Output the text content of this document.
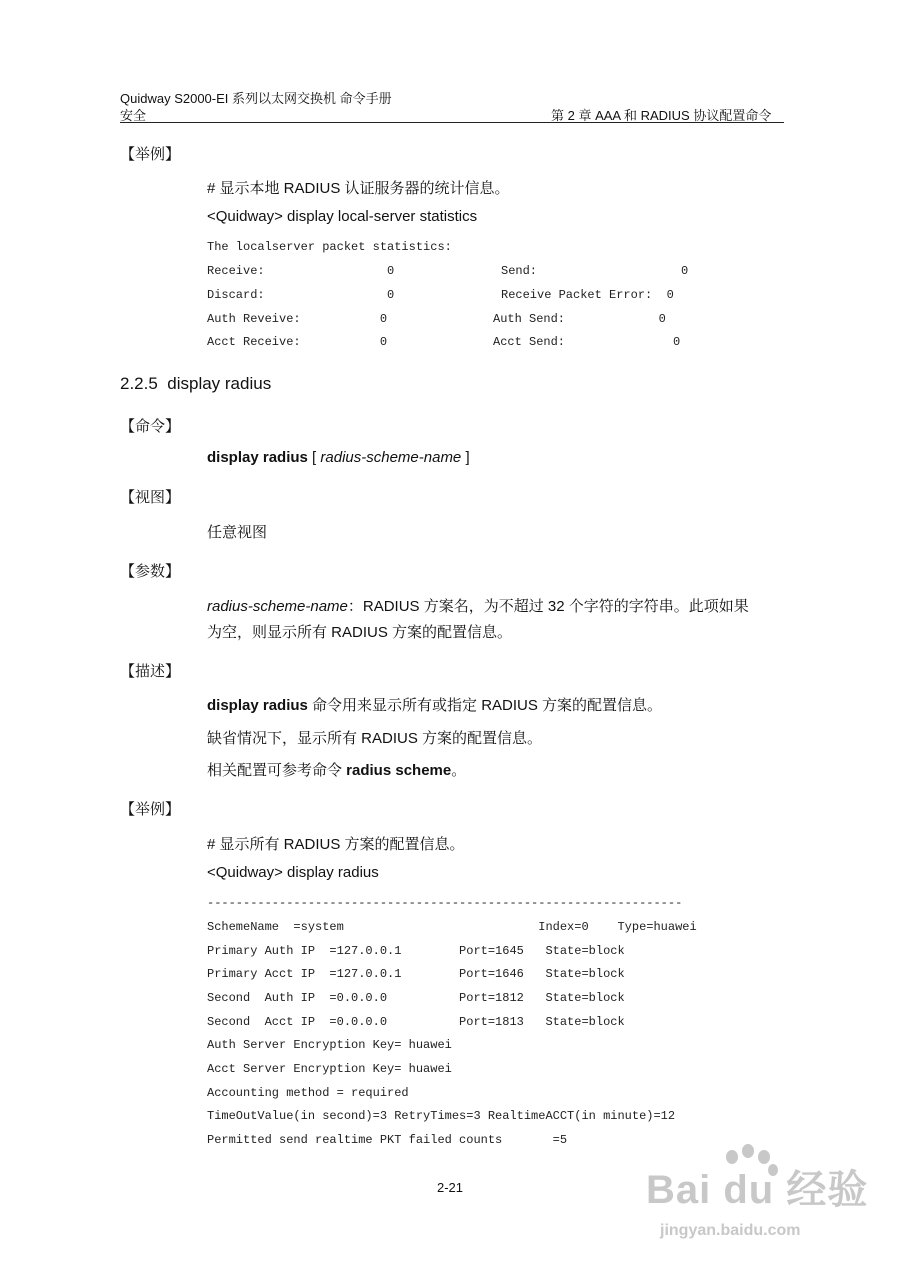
Quidway S2000-EI 系列以太网交换机 命令手册
安全	第 2 章 AAA 和 RADIUS 协议配置命令
【举例】
# 显示本地 RADIUS 认证服务器的统计信息。
<Quidway> display local-server statistics
The localserver packet statistics:
Receive:                 0	Send:                    0
Discard:                 0	Receive Packet Error:  0
Auth Reveive:           0	Auth Send:             0
Acct Receive:           0	Acct Send:               0
2.2.5  display radius
【命令】
display radius [ radius-scheme-name ]
【视图】
任意视图
【参数】
radius-scheme-name：RADIUS 方案名，为不超过 32 个字符的字符串。此项如果
为空，则显示所有 RADIUS 方案的配置信息。
【描述】
display radius 命令用来显示所有或指定 RADIUS 方案的配置信息。
缺省情况下，显示所有 RADIUS 方案的配置信息。
相关配置可参考命令 radius scheme。
【举例】
# 显示所有 RADIUS 方案的配置信息。
<Quidway> display radius
------------------------------------------------------------------
SchemeName  =system                           Index=0    Type=huawei
Primary Auth IP  =127.0.0.1        Port=1645   State=block
Primary Acct IP  =127.0.0.1        Port=1646   State=block
Second  Auth IP  =0.0.0.0          Port=1812   State=block
Second  Acct IP  =0.0.0.0          Port=1813   State=block
Auth Server Encryption Key= huawei
Acct Server Encryption Key= huawei
Accounting method = required
TimeOutValue(in second)=3 RetryTimes=3 RealtimeACCT(in minute)=12
Permitted send realtime PKT failed counts       =5
2-21	Bai du 经验
jingyan.baidu.com
